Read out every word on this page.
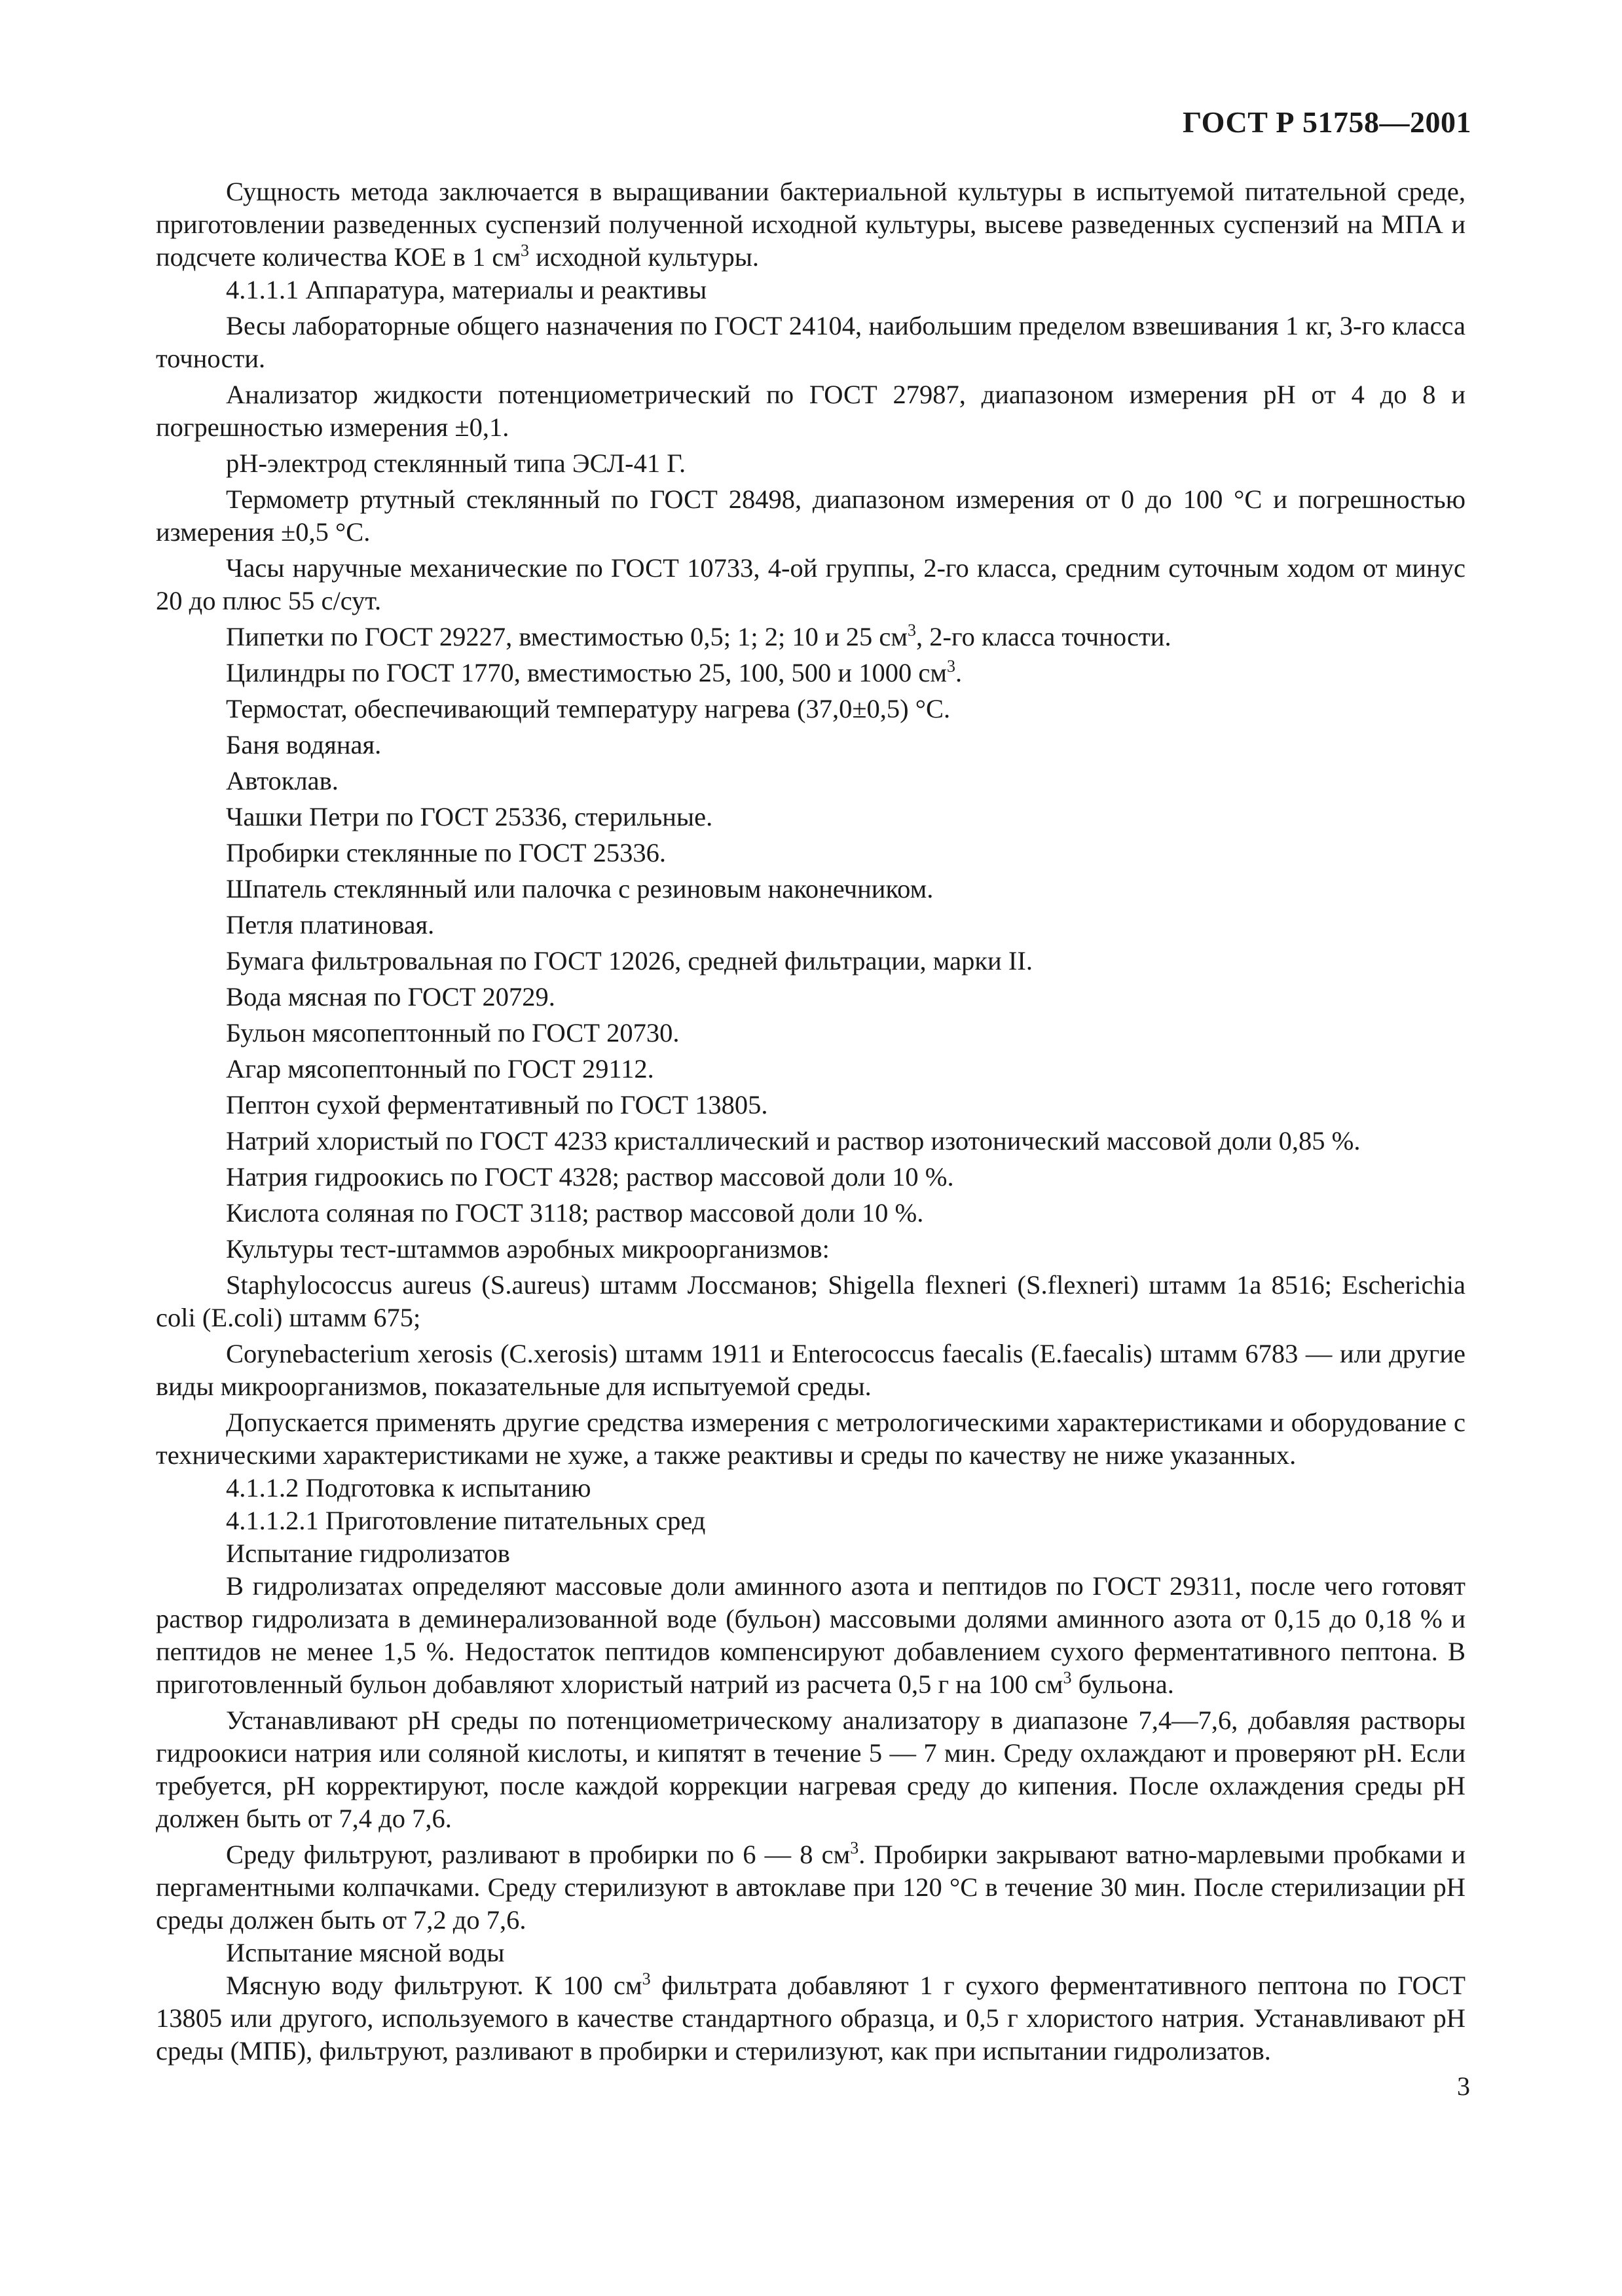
ГОСТ Р 51758—2001

Сущность метода заключается в выращивании бактериальной культуры в испытуемой питательной среде, приготовлении разведенных суспензий полученной исходной культуры, высеве разведенных суспензий на МПА и подсчете количества КОЕ в 1 $см^3$ исходной культуры.

4.1.1.1 Аппаратура, материалы и реактивы

Весы лабораторные общего назначения по ГОСТ 24104, наибольшим пределом взвешивания 1 кг, 3-го класса точности.

Анализатор жидкости потенциометрический по ГОСТ 27987, диапазоном измерения pH от 4 до 8 и погрешностью измерения ±0,1.

pH-электрод стеклянный типа ЭСЛ-41 Г.

Термометр ртутный стеклянный по ГОСТ 28498, диапазоном измерения от 0 до 100 °С и погрешностью измерения ±0,5 °С.

Часы наручные механические по ГОСТ 10733, 4-ой группы, 2-го класса, средним суточным ходом от минус 20 до плюс 55 с/сут.

Пипетки по ГОСТ 29227, вместимостью 0,5; 1; 2; 10 и 25 $см^3$, 2-го класса точности.

Цилиндры по ГОСТ 1770, вместимостью 25, 100, 500 и 1000 $см^3$.

Термостат, обеспечивающий температуру нагрева (37,0±0,5) °С.

Баня водяная.

Автоклав.

Чашки Петри по ГОСТ 25336, стерильные.

Пробирки стеклянные по ГОСТ 25336.

Шпатель стеклянный или палочка с резиновым наконечником.

Петля платиновая.

Бумага фильтровальная по ГОСТ 12026, средней фильтрации, марки II.

Вода мясная по ГОСТ 20729.

Бульон мясопептонный по ГОСТ 20730.

Агар мясопептонный по ГОСТ 29112.

Пептон сухой ферментативный по ГОСТ 13805.

Натрий хлористый по ГОСТ 4233 кристаллический и раствор изотонический массовой доли 0,85 %.

Натрия гидроокись по ГОСТ 4328; раствор массовой доли 10 %.

Кислота соляная по ГОСТ 3118; раствор массовой доли 10 %.

Культуры тест-штаммов аэробных микроорганизмов:

Staphylococcus aureus (S.aureus) штамм Лоссманов; Shigella flexneri (S.flexneri) штамм 1a 8516; Escherichia coli (E.coli) штамм 675;

Corynebacterium xerosis (C.xerosis) штамм 1911 и Enterococcus faecalis (E.faecalis) штамм 6783 — или другие виды микроорганизмов, показательные для испытуемой среды.

Допускается применять другие средства измерения с метрологическими характеристиками и оборудование с техническими характеристиками не хуже, а также реактивы и среды по качеству не ниже указанных.

4.1.1.2 Подготовка к испытанию

4.1.1.2.1 Приготовление питательных сред

Испытание гидролизатов

В гидролизатах определяют массовые доли аминного азота и пептидов по ГОСТ 29311, после чего готовят раствор гидролизата в деминерализованной воде (бульон) массовыми долями аминного азота от 0,15 до 0,18 % и пептидов не менее 1,5 %. Недостаток пептидов компенсируют добавлением сухого ферментативного пептона. В приготовленный бульон добавляют хлористый натрий из расчета 0,5 г на 100 $см^3$ бульона.

Устанавливают pH среды по потенциометрическому анализатору в диапазоне 7,4—7,6, добавляя растворы гидроокиси натрия или соляной кислоты, и кипятят в течение 5 — 7 мин. Среду охлаждают и проверяют pH. Если требуется, pH корректируют, после каждой коррекции нагревая среду до кипения. После охлаждения среды pH должен быть от 7,4 до 7,6.

Среду фильтруют, разливают в пробирки по 6 — 8 $см^3$. Пробирки закрывают ватно-марлевыми пробками и пергаментными колпачками. Среду стерилизуют в автоклаве при 120 °С в течение 30 мин. После стерилизации pH среды должен быть от 7,2 до 7,6.

Испытание мясной воды

Мясную воду фильтруют. К 100 $см^3$ фильтрата добавляют 1 г сухого ферментативного пептона по ГОСТ 13805 или другого, используемого в качестве стандартного образца, и 0,5 г хлористого натрия. Устанавливают pH среды (МПБ), фильтруют, разливают в пробирки и стерилизуют, как при испытании гидролизатов.

3
